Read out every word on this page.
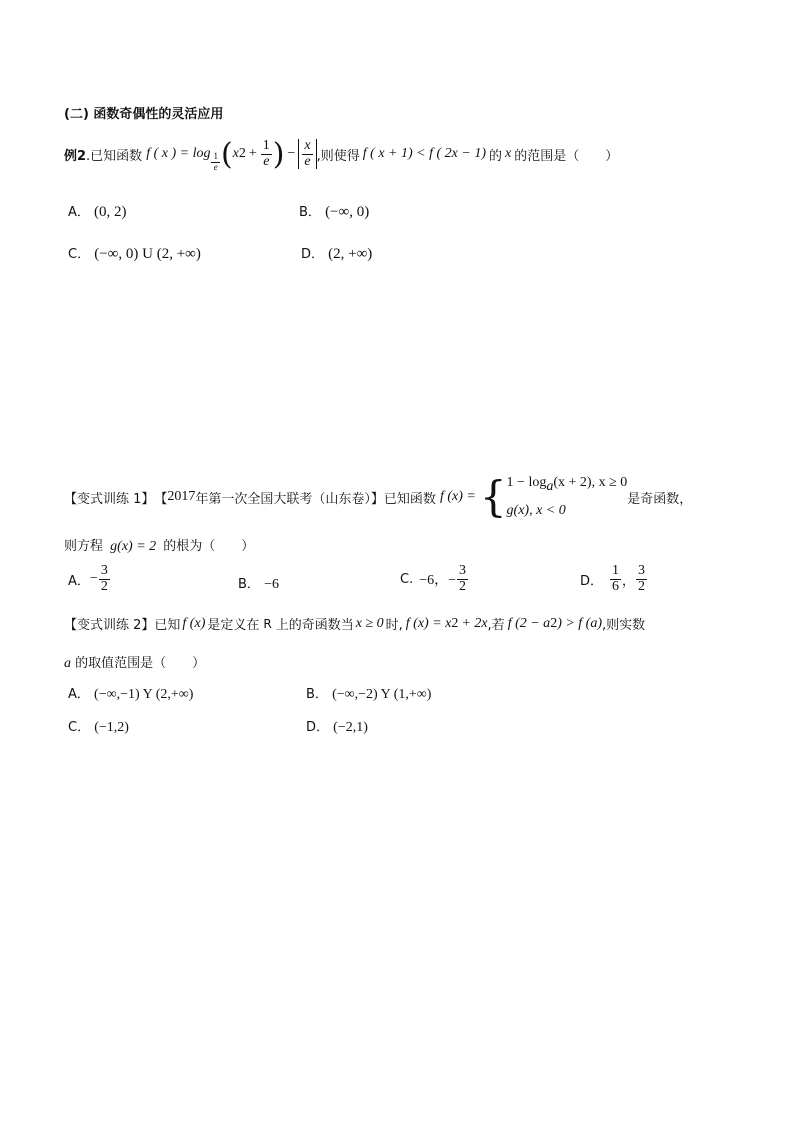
(二) 函数奇偶性的灵活应用
例2 .已知函数 f ( x ) = $\log \frac{1}{e}$ ( x $2 + \frac{1}{e}$ ) − $\frac{x}{e}$ ,则使得 f ( x + 1) < f ( 2x − 1) 的 x 的范围是（　　）
A． (0, 2)	B． (−∞, 0)
C． (−∞, 0) U (2, +∞)	D． (2, +∞)
【变式训练 1】 【 2017 年第一次全国大联考（山东卷）】已知函数 f (x) = { $1 - \log_a(x + 2)$, x ≥ 0
g(x), x < 0
是奇函数，
则方程 g(x) = 2 的根为（　　）
A． − $\frac{3}{2}$	B． −6	C. −6，− $\frac{3}{2}$	D． $\frac{1}{6}$ ， $\frac{3}{2}$
【变式训练 2】 已知 f (x) 是定义在 R 上的奇函数当 x ≥ 0 时, f (x) = x 2 + 2x ,若 f (2 − a 2 ) > f (a) ,则实数
a 的取值范围是（　　）
A． (−∞,−1) Y (2,+∞)	B． (−∞,−2) Y (1,+∞)
C． (−1,2)	D． (−2,1)
